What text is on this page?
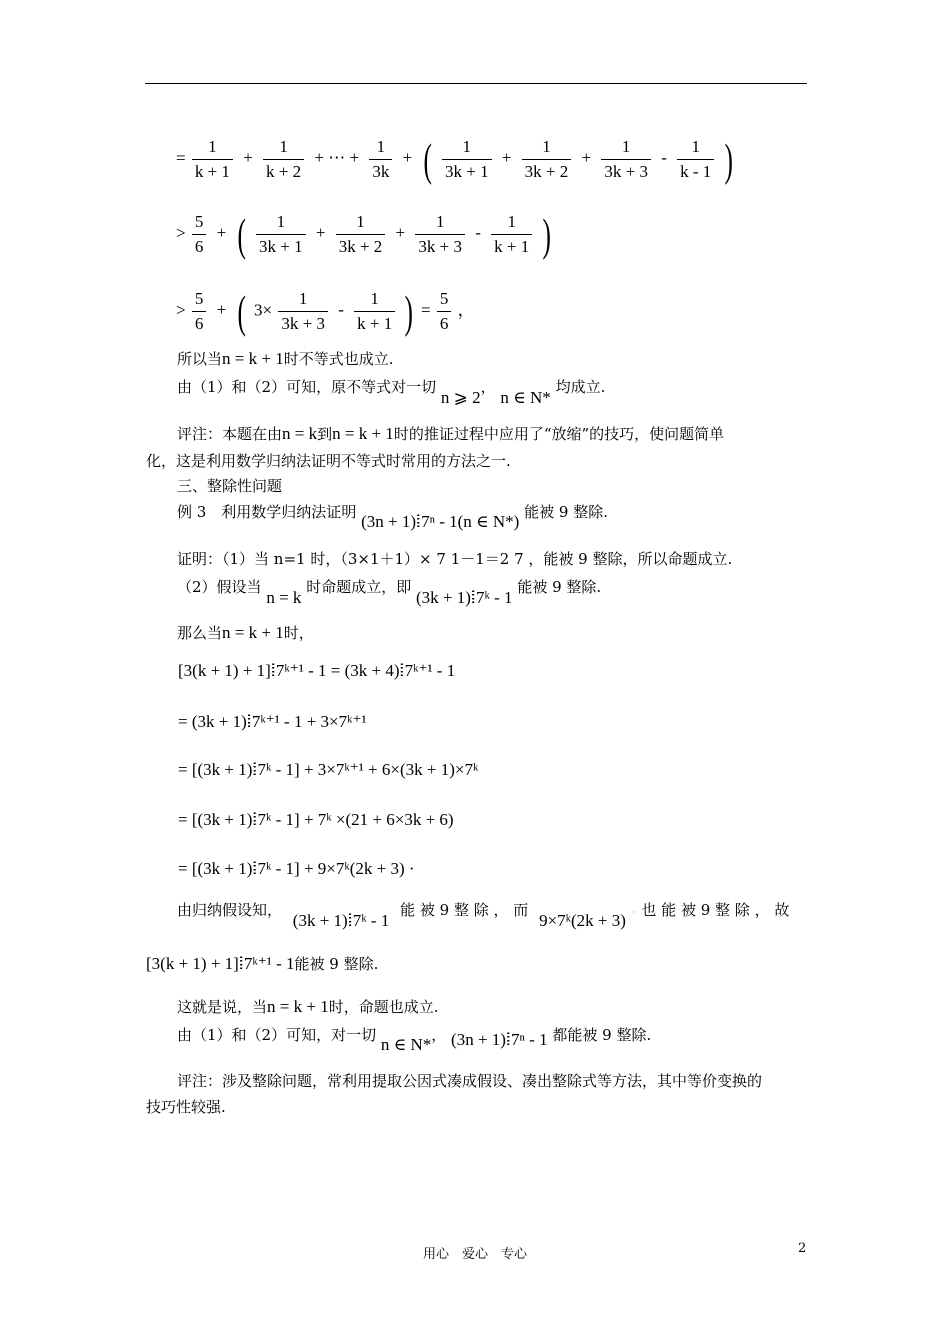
= $\frac{1}{k + 1} + \frac{1}{k + 2}$ + ⋯ + $\frac{1}{3k}$ + ( $\frac{1}{3k + 1} + \frac{1}{3k + 2} + \frac{1}{3k + 3} - \frac{1}{k - 1}$ )
> $\frac{5}{6}$ + ( $\frac{1}{3k + 1} + \frac{1}{3k + 2} + \frac{1}{3k + 3} - \frac{1}{k + 1}$ )
> $\frac{5}{6}$ + ( $3\times \frac{1}{3k + 3} - \frac{1}{k + 1}$ ) = $\frac{5}{6}$ ，
所以当n = k + 1时不等式也成立.
由（1）和（2）可知，原不等式对一切 n ⩾ 2， n ∈ N* 均成立.
评注：本题在由n = k到n = k + 1时的推证过程中应用了“放缩”的技巧，使问题简单
化，这是利用数学归纳法证明不等式时常用的方法之一.
三、整除性问题
例 3　利用数学归纳法证明 (3n + 1)ⵂ7ⁿ - 1(n ∈ N*) 能被 9 整除.
证明：（1）当 n=1 时，（3×1＋1）× 7 1－1＝2 7 ，能被 9 整除，所以命题成立.
（2）假设当 n = k 时命题成立，即 (3k + 1)ⵂ7ᵏ - 1 能被 9 整除.
那么当n = k + 1时，
[3(k + 1) + 1]ⵂ7ᵏ⁺¹ - 1 = (3k + 4)ⵂ7ᵏ⁺¹ - 1
= (3k + 1)ⵂ7ᵏ⁺¹ - 1 + 3×7ᵏ⁺¹
= [(3k + 1)ⵂ7ᵏ - 1] + 3×7ᵏ⁺¹ + 6×(3k + 1)×7ᵏ
= [(3k + 1)ⵂ7ᵏ - 1] + 7ᵏ ×(21 + 6×3k + 6)
= [(3k + 1)ⵂ7ᵏ - 1] + 9×7ᵏ(2k + 3) ·
由归纳假设知， (3k + 1)ⵂ7ᵏ - 1 能 被 9 整 除 ， 而 9×7ᵏ(2k + 3) ◦ 也 能 被 9 整 除 ， 故
[3(k + 1) + 1]ⵂ7ᵏ⁺¹ - 1能被 9 整除.
这就是说，当n = k + 1时，命题也成立.
由（1）和（2）可知，对一切 n ∈ N*， (3n + 1)ⵂ7ⁿ - 1 都能被 9 整除.
评注：涉及整除问题，常利用提取公因式凑成假设、凑出整除式等方法，其中等价变换的
技巧性较强.
用心　爱心　专心	2
